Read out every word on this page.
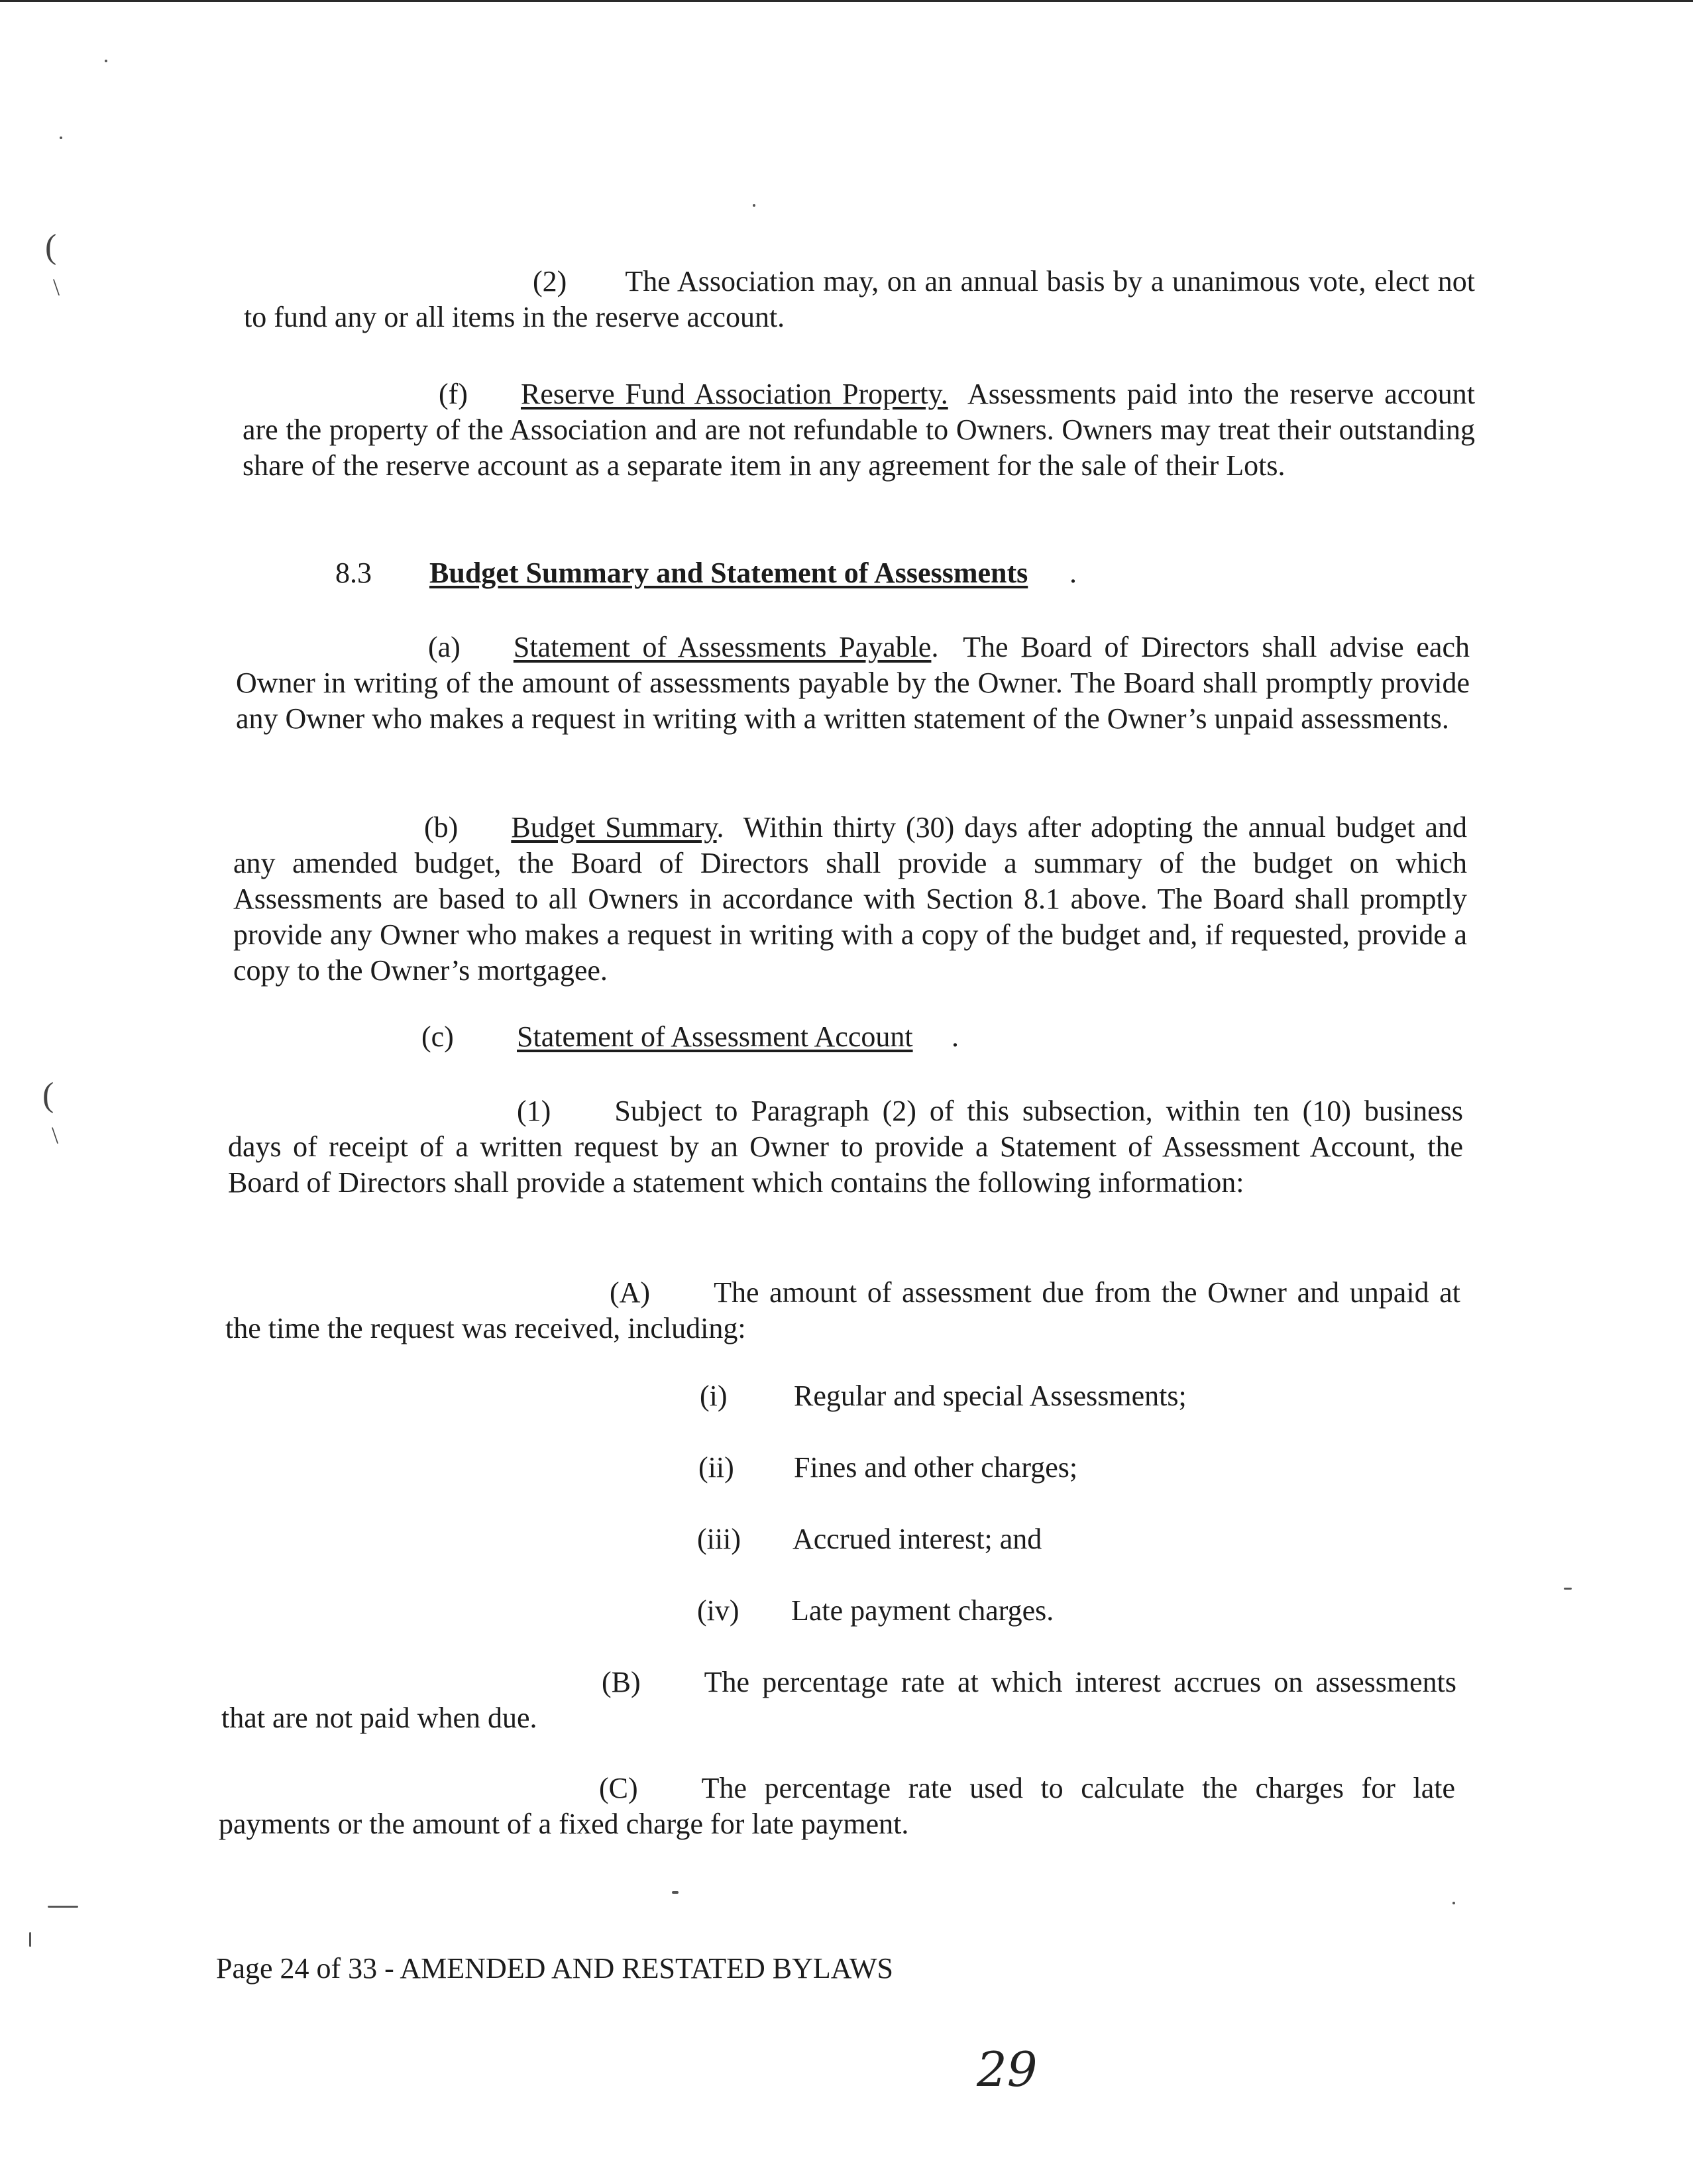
(
\
(
\

(2) The Association may, on an annual basis by a unanimous vote, elect not to fund any or all items in the reserve account.

(f) Reserve Fund Association Property. Assessments paid into the reserve account are the property of the Association and are not refundable to Owners. Owners may treat their outstanding share of the reserve account as a separate item in any agreement for the sale of their Lots.

8.3 Budget Summary and Statement of Assessments .

(a) Statement of Assessments Payable.  The Board of Directors shall advise each Owner in writing of the amount of assessments payable by the Owner. The Board shall promptly provide any Owner who makes a request in writing with a written statement of the Owner’s unpaid assessments.

(b) Budget Summary.  Within thirty (30) days after adopting the annual budget and any amended budget, the Board of Directors shall provide a summary of the budget on which Assessments are based to all Owners in accordance with Section 8.1 above. The Board shall promptly provide any Owner who makes a request in writing with a copy of the budget and, if requested, provide a copy to the Owner’s mortgagee.

(c) Statement of Assessment Account .

(1) Subject to Paragraph (2) of this subsection, within ten (10) business days of receipt of a written request by an Owner to provide a Statement of Assessment Account, the Board of Directors shall provide a statement which contains the following information:

(A) The amount of assessment due from the Owner and unpaid at the time the request was received, including:

(i) Regular and special Assessments;
(ii) Fines and other charges;
(iii) Accrued interest; and
(iv) Late payment charges.

(B) The percentage rate at which interest accrues on assessments that are not paid when due.

(C) The percentage rate used to calculate the charges for late payments or the amount of a fixed charge for late payment.

Page 24 of 33 - AMENDED AND RESTATED BYLAWS
29
